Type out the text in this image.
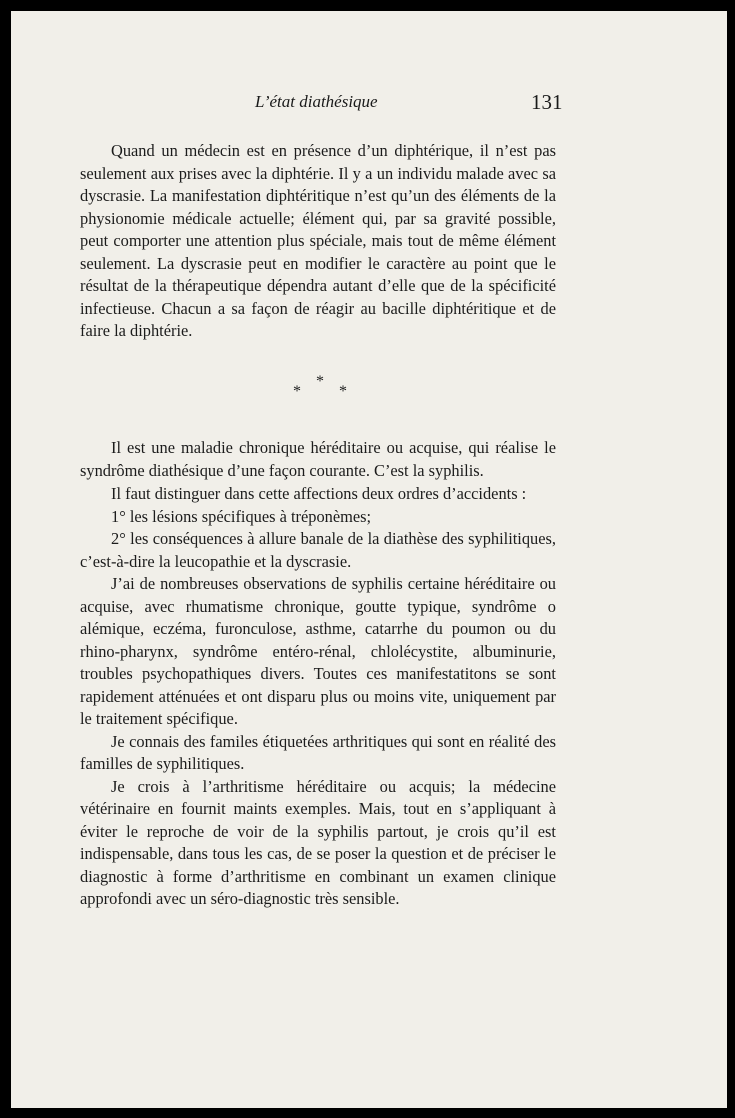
L’état diathésique	131

Quand un médecin est en présence d’un diphtérique, il n’est pas seulement aux prises avec la diphtérie. Il y a un individu malade avec sa dyscrasie. La manifestation diphtéritique n’est qu’un des éléments de la physionomie médicale actuelle; élément qui, par sa gravité possible, peut comporter une attention plus spéciale, mais tout de même élément seulement. La dyscrasie peut en modifier le caractère au point que le résultat de la thérapeutique dépendra autant d’elle que de la spécificité infectieuse. Chacun a sa façon de réagir au bacille diphtéritique et de faire la diphtérie.

*
* *

Il est une maladie chronique héréditaire ou acquise, qui réalise le syndrôme diathésique d’une façon courante. C’est la syphilis.

Il faut distinguer dans cette affections deux ordres d’accidents :

1° les lésions spécifiques à tréponèmes;

2° les conséquences à allure banale de la diathèse des syphilitiques, c’est-à-dire la leucopathie et la dyscrasie.

J’ai de nombreuses observations de syphilis certaine héréditaire ou acquise, avec rhumatisme chronique, goutte typique, syndrôme o alémique, eczéma, furonculose, asthme, catarrhe du poumon ou du rhino-pharynx, syndrôme entéro-rénal, chlolécystite, albuminurie, troubles psychopathiques divers. Toutes ces manifestatitons se sont rapidement atténuées et ont disparu plus ou moins vite, uniquement par le traitement spécifique.

Je connais des familes étiquetées arthritiques qui sont en réalité des familles de syphilitiques.

Je crois à l’arthritisme héréditaire ou acquis; la médecine vétérinaire en fournit maints exemples. Mais, tout en s’appliquant à éviter le reproche de voir de la syphilis partout, je crois qu’il est indispensable, dans tous les cas, de se poser la question et de préciser le diagnostic à forme d’arthritisme en combinant un examen clinique approfondi avec un séro-diagnostic très sensible.
